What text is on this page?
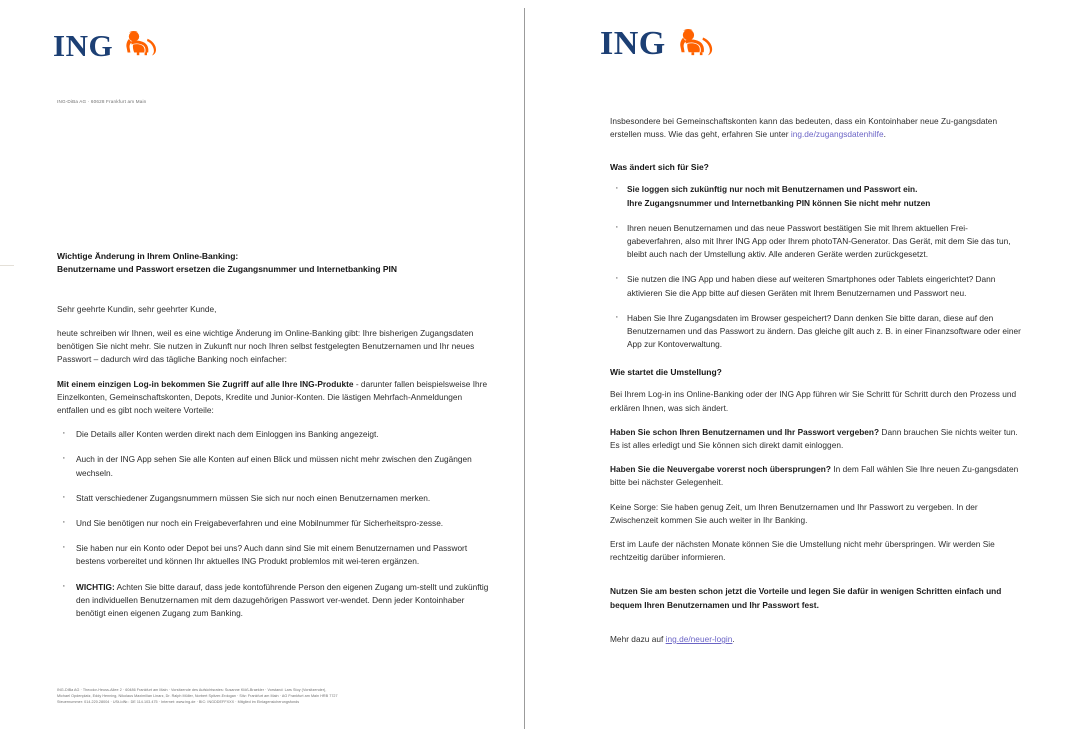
ING
ING-DiBa AG · 60628 Frankfurt am Main
Wichtige Änderung in Ihrem Online-Banking:
Benutzername und Passwort ersetzen die Zugangsnummer und Internetbanking PIN

Sehr geehrte Kundin, sehr geehrter Kunde,

heute schreiben wir Ihnen, weil es eine wichtige Änderung im Online-Banking gibt: Ihre bisherigen Zugangsdaten benötigen Sie nicht mehr. Sie nutzen in Zukunft nur noch Ihren selbst festgelegten Benutzernamen und Ihr neues Passwort – dadurch wird das tägliche Banking noch einfacher:

Mit einem einzigen Log-in bekommen Sie Zugriff auf alle Ihre ING-Produkte - darunter fallen beispielsweise Ihre Einzelkonten, Gemeinschaftskonten, Depots, Kredite und Junior-Konten. Die lästigen Mehrfach-Anmeldungen entfallen und es gibt noch weitere Vorteile:

· Die Details aller Konten werden direkt nach dem Einloggen ins Banking angezeigt.
· Auch in der ING App sehen Sie alle Konten auf einen Blick und müssen nicht mehr zwischen den Zugängen wechseln.
· Statt verschiedener Zugangsnummern müssen Sie sich nur noch einen Benutzernamen merken.
· Und Sie benötigen nur noch ein Freigabeverfahren und eine Mobilnummer für Sicherheitspro-zesse.
· Sie haben nur ein Konto oder Depot bei uns? Auch dann sind Sie mit einem Benutzernamen und Passwort bestens vorbereitet und können Ihr aktuelles ING Produkt problemlos mit wei-teren ergänzen.
· WICHTIG: Achten Sie bitte darauf, dass jede kontoführende Person den eigenen Zugang um-stellt und zukünftig den individuellen Benutzernamen mit dem dazugehörigen Passwort ver-wendet. Denn jeder Kontoinhaber benötigt einen eigenen Zugang zum Banking.
ING-DiBa AG · Theodor-Heuss-Allee 2 · 60486 Frankfurt am Main · Vorsitzende des Aufsichtsrates: Susanne Klöß-Braekler · Vorstand: Lars Stoy (Vorsitzender),
Michael Opdenplatz, Eddy Henning, Nikolaus Maximilian Linarz, Dr. Ralph Müller, Norbert Spitzer-Erdogan · Sitz: Frankfurt am Main · AG Frankfurt am Main HRB 7727
Steuernummer: 014.220.28004 · USt-IdNr.: DE 114.103.475 · Internet: www.ing.de · BIC: INGDDEFFXXX · Mitglied im Einlagensicherungsfonds
ING

Insbesondere bei Gemeinschaftskonten kann das bedeuten, dass ein Kontoinhaber neue Zu-gangsdaten erstellen muss. Wie das geht, erfahren Sie unter ing.de/zugangsdatenhilfe.

Was ändert sich für Sie?
· Sie loggen sich zukünftig nur noch mit Benutzernamen und Passwort ein.
Ihre Zugangsnummer und Internetbanking PIN können Sie nicht mehr nutzen
· Ihren neuen Benutzernamen und das neue Passwort bestätigen Sie mit Ihrem aktuellen Frei-gabeverfahren, also mit Ihrer ING App oder Ihrem photoTAN-Generator. Das Gerät, mit dem Sie das tun, bleibt auch nach der Umstellung aktiv. Alle anderen Geräte werden zurückgesetzt.
· Sie nutzen die ING App und haben diese auf weiteren Smartphones oder Tablets eingerichtet? Dann aktivieren Sie die App bitte auf diesen Geräten mit Ihrem Benutzernamen und Passwort neu.
· Haben Sie Ihre Zugangsdaten im Browser gespeichert? Dann denken Sie bitte daran, diese auf den Benutzernamen und das Passwort zu ändern. Das gleiche gilt auch z. B. in einer Finanzsoftware oder einer App zur Kontoverwaltung.
Wie startet die Umstellung?

Bei Ihrem Log-in ins Online-Banking oder der ING App führen wir Sie Schritt für Schritt durch den Prozess und erklären Ihnen, was sich ändert.

Haben Sie schon Ihren Benutzernamen und Ihr Passwort vergeben? Dann brauchen Sie nichts weiter tun. Es ist alles erledigt und Sie können sich direkt damit einloggen.

Haben Sie die Neuvergabe vorerst noch übersprungen? In dem Fall wählen Sie Ihre neuen Zu-gangsdaten bitte bei nächster Gelegenheit.

Keine Sorge: Sie haben genug Zeit, um Ihren Benutzernamen und Ihr Passwort zu vergeben. In der Zwischenzeit kommen Sie auch weiter in Ihr Banking.

Erst im Laufe der nächsten Monate können Sie die Umstellung nicht mehr überspringen. Wir werden Sie rechtzeitig darüber informieren.

Nutzen Sie am besten schon jetzt die Vorteile und legen Sie dafür in wenigen Schritten einfach und bequem Ihren Benutzernamen und Ihr Passwort fest.

Mehr dazu auf ing.de/neuer-login.
